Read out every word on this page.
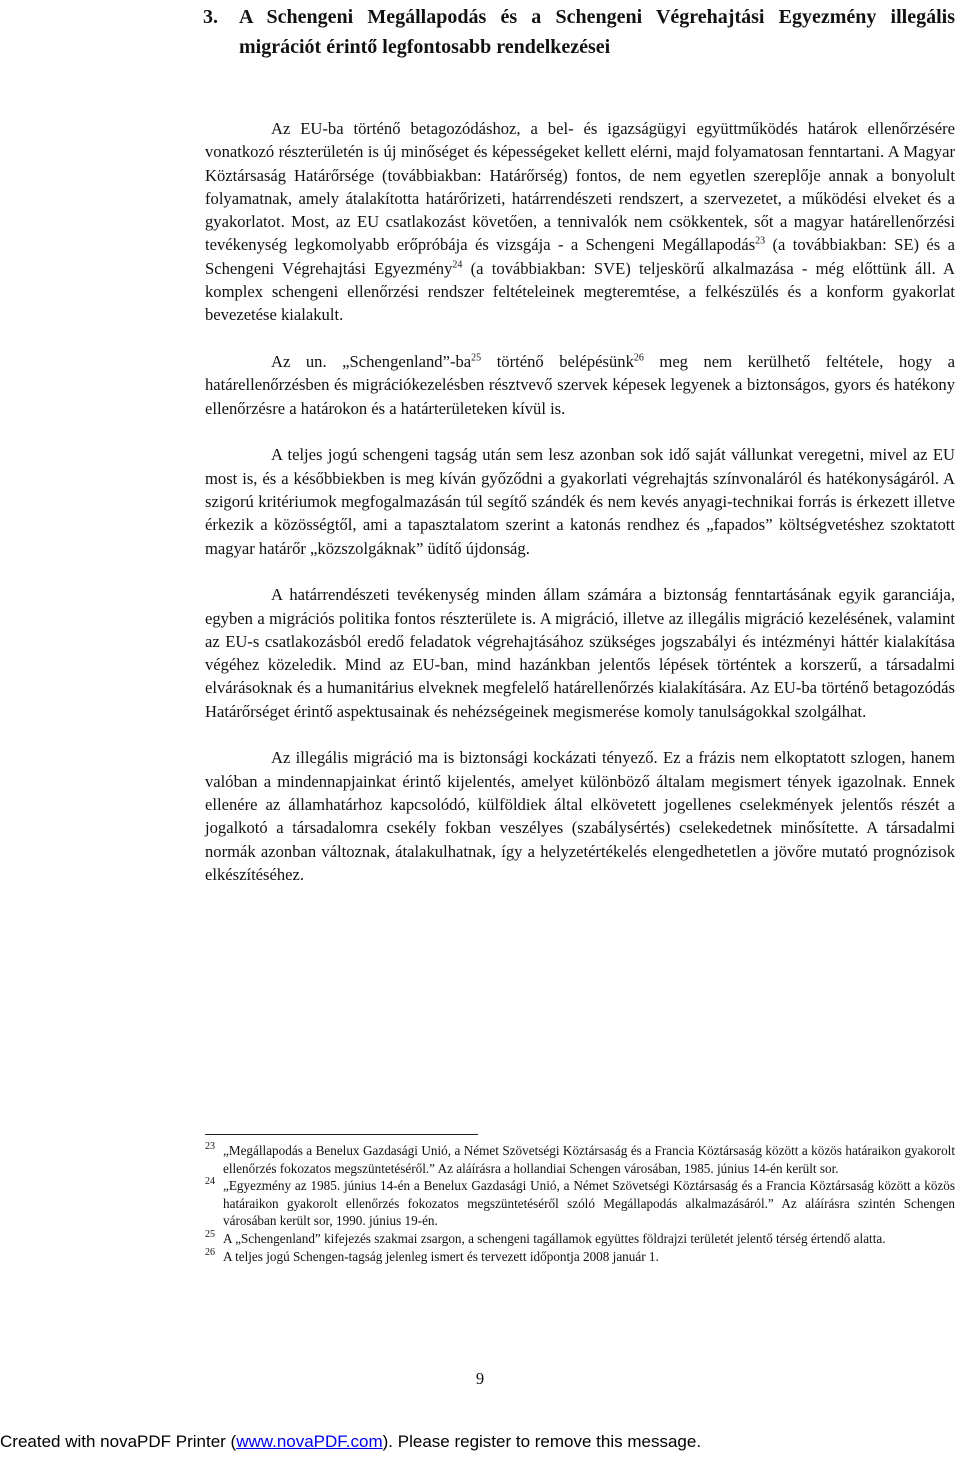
3.	A Schengeni Megállapodás és a Schengeni Végrehajtási Egyezmény illegális migrációt érintő legfontosabb rendelkezései

Az EU-ba történő betagozódáshoz, a bel- és igazságügyi együttműködés határok ellenőrzésére vonatkozó részterületén is új minőséget és képességeket kellett elérni, majd folyamatosan fenntartani. A Magyar Köztársaság Határőrsége (továbbiakban: Határőrség) fontos, de nem egyetlen szereplője annak a bonyolult folyamatnak, amely átalakította határőrizeti, határrendészeti rendszert, a szervezetet, a működési elveket és a gyakorlatot. Most, az EU csatlakozást követően, a tennivalók nem csökkentek, sőt a magyar határellenőrzési tevékenység legkomolyabb erőpróbája és vizsgája - a Schengeni Megállapodás$^{23}$ (a továbbiakban: SE) és a Schengeni Végrehajtási Egyezmény$^{24}$ (a továbbiakban: SVE) teljeskörű alkalmazása - még előttünk áll. A komplex schengeni ellenőrzési rendszer feltételeinek megteremtése, a felkészülés és a konform gyakorlat bevezetése kialakult.

Az un. $„Schengenland”-ba^{25}$ történő belépésünk$^{26}$ meg nem kerülhető feltétele, hogy a határellenőrzésben és migrációkezelésben résztvevő szervek képesek legyenek a biztonságos, gyors és hatékony ellenőrzésre a határokon és a határterületeken kívül is.

A teljes jogú schengeni tagság után sem lesz azonban sok idő saját vállunkat veregetni, mivel az EU most is, és a későbbiekben is meg kíván győződni a gyakorlati végrehajtás színvonaláról és hatékonyságáról. A szigorú kritériumok megfogalmazásán túl segítő szándék és nem kevés anyagi-technikai forrás is érkezett illetve érkezik a közösségtől, ami a tapasztalatom szerint a katonás rendhez és „fapados” költségvetéshez szoktatott magyar határőr „közszolgáknak” üdítő újdonság.

A határrendészeti tevékenység minden állam számára a biztonság fenntartásának egyik garanciája, egyben a migrációs politika fontos részterülete is. A migráció, illetve az illegális migráció kezelésének, valamint az EU-s csatlakozásból eredő feladatok végrehajtásához szükséges jogszabályi és intézményi háttér kialakítása végéhez közeledik. Mind az EU-ban, mind hazánkban jelentős lépések történtek a korszerű, a társadalmi elvárásoknak és a humanitárius elveknek megfelelő határellenőrzés kialakítására. Az EU-ba történő betagozódás Határőrséget érintő aspektusainak és nehézségeinek megismerése komoly tanulságokkal szolgálhat.

Az illegális migráció ma is biztonsági kockázati tényező. Ez a frázis nem elkoptatott szlogen, hanem valóban a mindennapjainkat érintő kijelentés, amelyet különböző általam megismert tények igazolnak. Ennek ellenére az államhatárhoz kapcsolódó, külföldiek által elkövetett jogellenes cselekmények jelentős részét a jogalkotó a társadalomra csekély fokban veszélyes (szabálysértés) cselekedetnek minősítette. A társadalmi normák azonban változnak, átalakulhatnak, így a helyzetértékelés elengedhetetlen a jövőre mutató prognózisok elkészítéséhez.

23 „Megállapodás a Benelux Gazdasági Unió, a Német Szövetségi Köztársaság és a Francia Köztársaság között a közös határaikon gyakorolt ellenőrzés fokozatos megszüntetéséről.” Az aláírásra a hollandiai Schengen városában, 1985. június 14-én került sor.

24 „Egyezmény az 1985. június 14-én a Benelux Gazdasági Unió, a Német Szövetségi Köztársaság és a Francia Köztársaság között a közös határaikon gyakorolt ellenőrzés fokozatos megszüntetéséről szóló Megállapodás alkalmazásáról.” Az aláírásra szintén Schengen városában került sor, 1990. június 19-én.

25 A „Schengenland” kifejezés szakmai zsargon, a schengeni tagállamok együttes földrajzi területét jelentő térség értendő alatta.

26 A teljes jogú Schengen-tagság jelenleg ismert és tervezett időpontja 2008 január 1.

9
Created with novaPDF Printer (www.novaPDF.com). Please register to remove this message.
